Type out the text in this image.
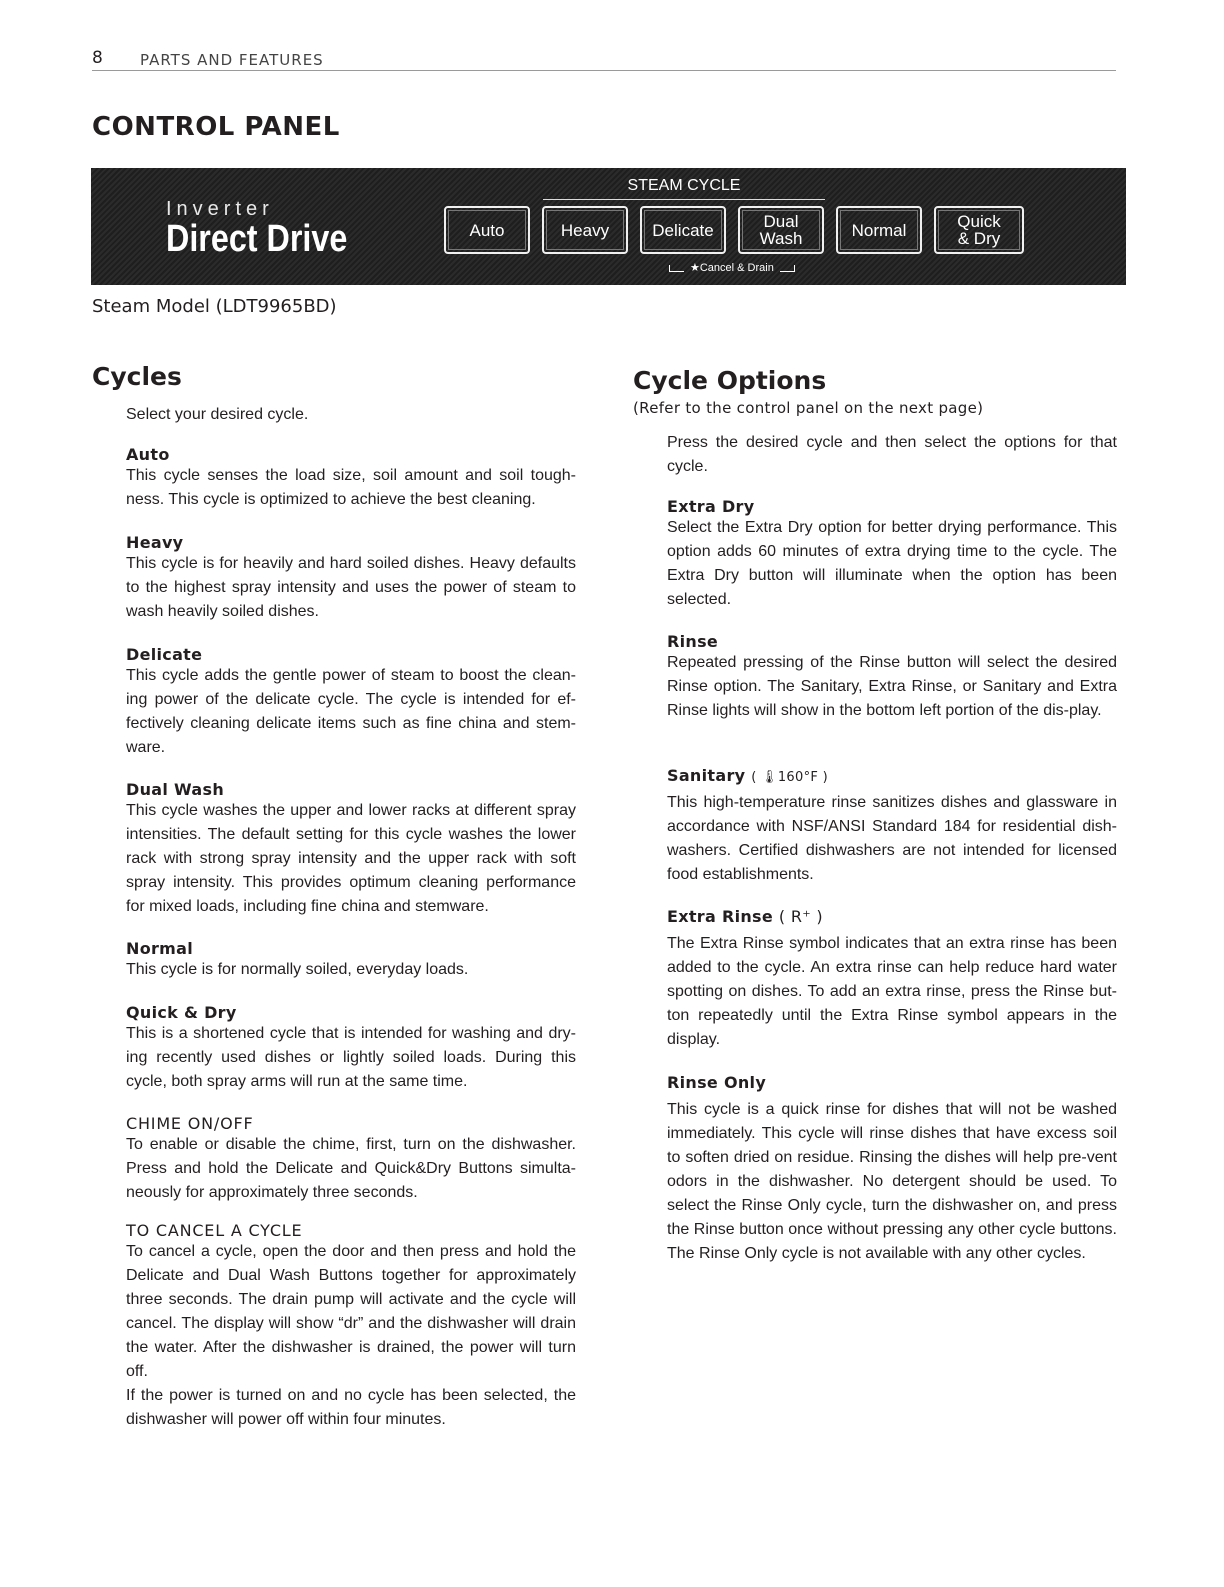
8 PARTS AND FEATURES
CONTROL PANEL
Inverter
Direct Drive
STEAM CYCLE
Auto	Heavy	Delicate	Dual Wash	Normal	Quick & Dry
★Cancel & Drain
Steam Model (LDT9965BD)
Cycles

Select your desired cycle.

Auto

This cycle senses the load size, soil amount and soil tough-ness. This cycle is optimized to achieve the best cleaning.

Heavy

This cycle is for heavily and hard soiled dishes. Heavy defaults to the highest spray intensity and uses the power of steam to wash heavily soiled dishes.

Delicate

This cycle adds the gentle power of steam to boost the clean-ing power of the delicate cycle. The cycle is intended for ef-fectively cleaning delicate items such as fine china and stem-ware.

Dual Wash

This cycle washes the upper and lower racks at different spray intensities. The default setting for this cycle washes the lower rack with strong spray intensity and the upper rack with soft spray intensity. This provides optimum cleaning performance for mixed loads, including fine china and stemware.

Normal

This cycle is for normally soiled, everyday loads.

Quick & Dry

This is a shortened cycle that is intended for washing and dry-ing recently used dishes or lightly soiled loads. During this cycle, both spray arms will run at the same time.

CHIME ON/OFF

To enable or disable the chime, first, turn on the dishwasher. Press and hold the Delicate and Quick&Dry Buttons simulta-neously for approximately three seconds.

TO CANCEL A CYCLE

To cancel a cycle, open the door and then press and hold the Delicate and Dual Wash Buttons together for approximately three seconds. The drain pump will activate and the cycle will cancel. The display will show “dr” and the dishwasher will drain the water. After the dishwasher is drained, the power will turn off.

If the power is turned on and no cycle has been selected, the dishwasher will power off within four minutes.

Cycle Options
(Refer to the control panel on the next page)

Press the desired cycle and then select the options for that cycle.

Extra Dry

Select the Extra Dry option for better drying performance. This option adds 60 minutes of extra drying time to the cycle. The Extra Dry button will illuminate when the option has been selected.

Rinse

Repeated pressing of the Rinse button will select the desired Rinse option. The Sanitary, Extra Rinse, or Sanitary and Extra Rinse lights will show in the bottom left portion of the dis-play.

Sanitary ( 🌡160°F )

This high-temperature rinse sanitizes dishes and glassware in accordance with NSF/ANSI Standard 184 for residential dish-washers. Certified dishwashers are not intended for licensed food establishments.

Extra Rinse ( R⁺ )

The Extra Rinse symbol indicates that an extra rinse has been added to the cycle. An extra rinse can help reduce hard water spotting on dishes. To add an extra rinse, press the Rinse but-ton repeatedly until the Extra Rinse symbol appears in the display.

Rinse Only

This cycle is a quick rinse for dishes that will not be washed immediately. This cycle will rinse dishes that have excess soil to soften dried on residue. Rinsing the dishes will help pre-vent odors in the dishwasher. No detergent should be used. To select the Rinse Only cycle, turn the dishwasher on, and press the Rinse button once without pressing any other cycle buttons. The Rinse Only cycle is not available with any other cycles.
